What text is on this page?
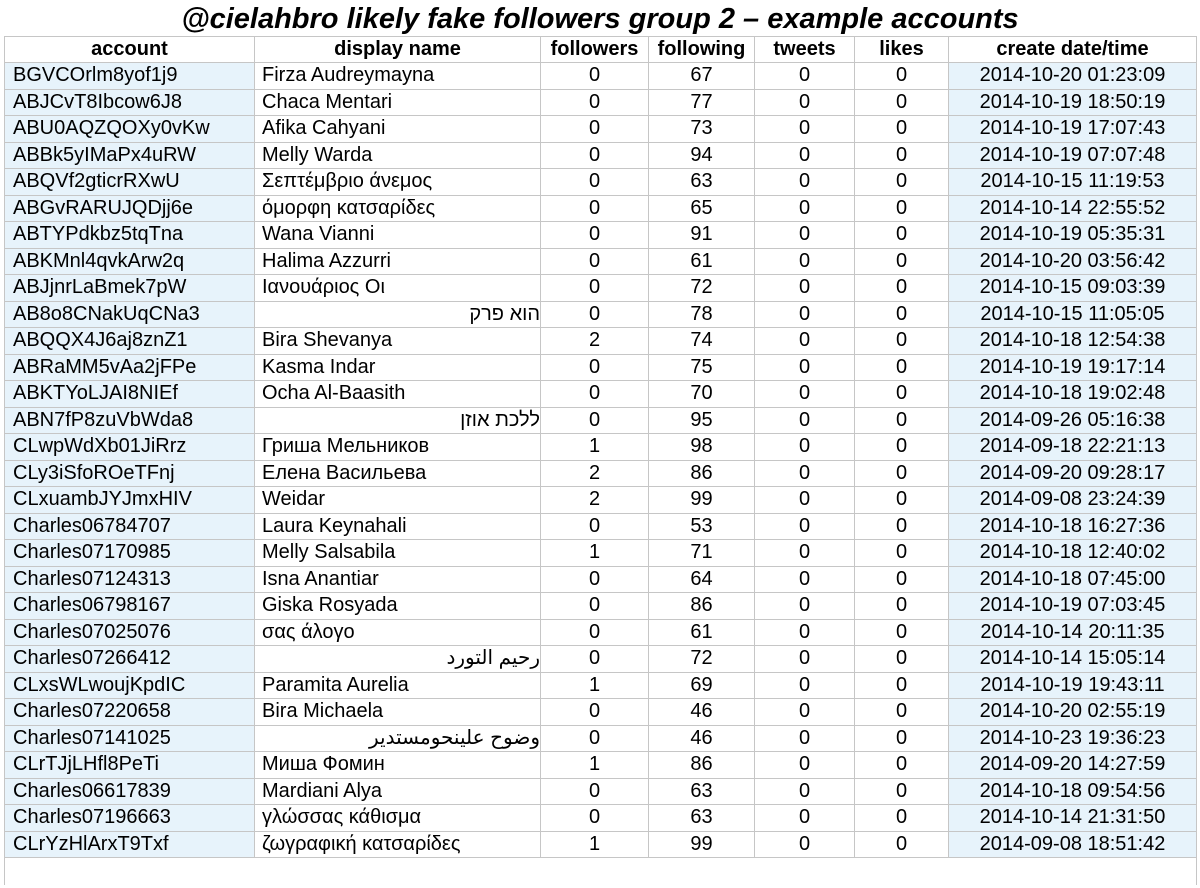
@cielahbro likely fake followers group 2 – example accounts
account	display name	followers	following	tweets	likes	create date/time
BGVCOrlm8yof1j9	Firza Audreymayna	0	67	0	0	2014-10-20 01:23:09
ABJCvT8Ibcow6J8	Chaca Mentari	0	77	0	0	2014-10-19 18:50:19
ABU0AQZQOXy0vKw	Afika Cahyani	0	73	0	0	2014-10-19 17:07:43
ABBk5yIMaPx4uRW	Melly Warda	0	94	0	0	2014-10-19 07:07:48
ABQVf2gticrRXwU	Σεπτέμβριο άνεμος	0	63	0	0	2014-10-15 11:19:53
ABGvRARUJQDjj6e	όμορφη κατσαρίδες	0	65	0	0	2014-10-14 22:55:52
ABTYPdkbz5tqTna	Wana Vianni	0	91	0	0	2014-10-19 05:35:31
ABKMnl4qvkArw2q	Halima Azzurri	0	61	0	0	2014-10-20 03:56:42
ABJjnrLaBmek7pW	Ιανουάριος Οι	0	72	0	0	2014-10-15 09:03:39
AB8o8CNakUqCNa3	הוא פרק	0	78	0	0	2014-10-15 11:05:05
ABQQX4J6aj8znZ1	Bira Shevanya	2	74	0	0	2014-10-18 12:54:38
ABRaMM5vAa2jFPe	Kasma Indar	0	75	0	0	2014-10-19 19:17:14
ABKTYoLJAI8NIEf	Ocha Al-Baasith	0	70	0	0	2014-10-18 19:02:48
ABN7fP8zuVbWda8	ללכת אוזן	0	95	0	0	2014-09-26 05:16:38
CLwpWdXb01JiRrz	Гриша Мельников	1	98	0	0	2014-09-18 22:21:13
CLy3iSfoROeTFnj	Елена Васильева	2	86	0	0	2014-09-20 09:28:17
CLxuambJYJmxHIV	Weidar	2	99	0	0	2014-09-08 23:24:39
Charles06784707	Laura Keynahali	0	53	0	0	2014-10-18 16:27:36
Charles07170985	Melly Salsabila	1	71	0	0	2014-10-18 12:40:02
Charles07124313	Isna Anantiar	0	64	0	0	2014-10-18 07:45:00
Charles06798167	Giska Rosyada	0	86	0	0	2014-10-19 07:03:45
Charles07025076	σας άλογο	0	61	0	0	2014-10-14 20:11:35
Charles07266412	رحيم التورد	0	72	0	0	2014-10-14 15:05:14
CLxsWLwoujKpdIC	Paramita Aurelia	1	69	0	0	2014-10-19 19:43:11
Charles07220658	Bira Michaela	0	46	0	0	2014-10-20 02:55:19
Charles07141025	وضوح علينحومستدير	0	46	0	0	2014-10-23 19:36:23
CLrTJjLHfl8PeTi	Миша Фомин	1	86	0	0	2014-09-20 14:27:59
Charles06617839	Mardiani Alya	0	63	0	0	2014-10-18 09:54:56
Charles07196663	γλώσσας κάθισμα	0	63	0	0	2014-10-14 21:31:50
CLrYzHlArxT9Txf	ζωγραφική κατσαρίδες	1	99	0	0	2014-09-08 18:51:42
